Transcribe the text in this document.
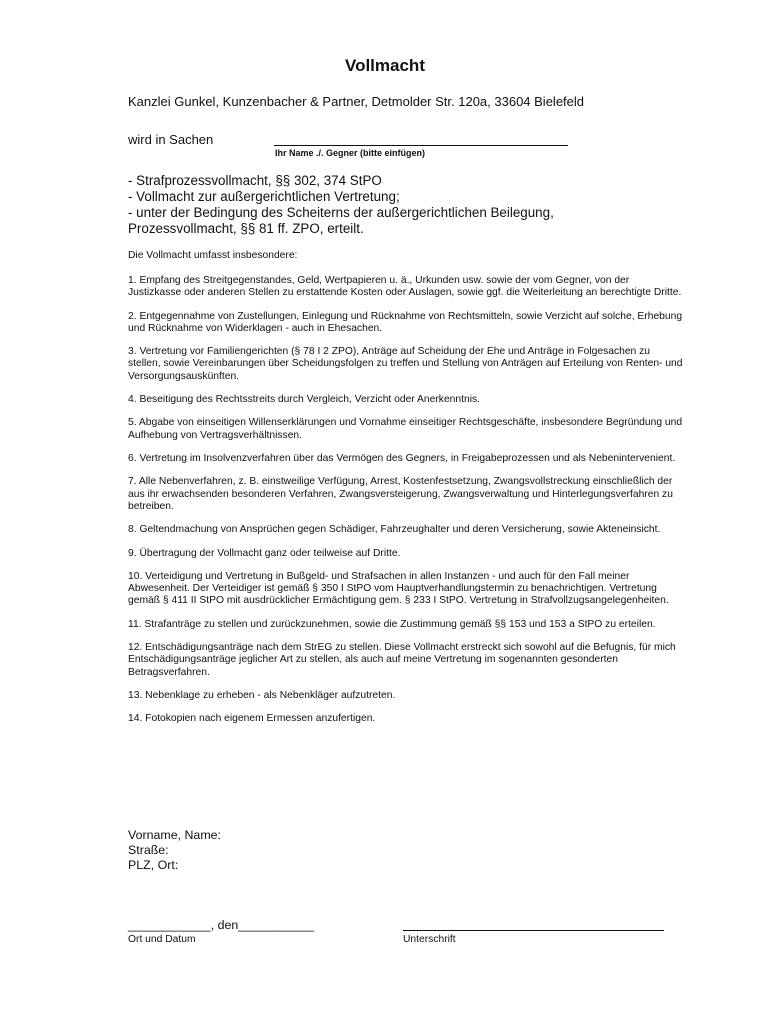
Vollmacht
Kanzlei Gunkel, Kunzenbacher & Partner, Detmolder Str. 120a, 33604 Bielefeld
wird in Sachen
Ihr Name ./. Gegner (bitte einfügen)
- Strafprozessvollmacht, §§ 302, 374 StPO
- Vollmacht zur außergerichtlichen Vertretung;
- unter der Bedingung des Scheiterns der außergerichtlichen Beilegung,
Prozessvollmacht, §§ 81 ff. ZPO, erteilt.
Die Vollmacht umfasst insbesondere:
1. Empfang des Streitgegenstandes, Geld, Wertpapieren u. ä., Urkunden usw. sowie der vom Gegner, von der Justizkasse oder anderen Stellen zu erstattende Kosten oder Auslagen, sowie ggf. die Weiterleitung an berechtigte Dritte.
2. Entgegennahme von Zustellungen, Einlegung und Rücknahme von Rechtsmitteln, sowie Verzicht auf solche, Erhebung und Rücknahme von Widerklagen - auch in Ehesachen.
3. Vertretung vor Familiengerichten (§ 78 I 2 ZPO), Anträge auf Scheidung der Ehe und Anträge in Folgesachen zu stellen, sowie Vereinbarungen über Scheidungsfolgen zu treffen und Stellung von Anträgen auf Erteilung von Renten- und Versorgungsauskünften.
4. Beseitigung des Rechtsstreits durch Vergleich, Verzicht oder Anerkenntnis.
5. Abgabe von einseitigen Willenserklärungen und Vornahme einseitiger Rechtsgeschäfte, insbesondere Begründung und Aufhebung von Vertragsverhältnissen.
6. Vertretung im Insolvenzverfahren über das Vermögen des Gegners, in Freigabeprozessen und als Nebenintervenient.
7. Alle Nebenverfahren, z. B. einstweilige Verfügung, Arrest, Kostenfestsetzung, Zwangsvollstreckung einschließlich der aus ihr erwachsenden besonderen Verfahren, Zwangsversteigerung, Zwangsverwaltung und Hinterlegungsverfahren zu betreiben.
8. Geltendmachung von Ansprüchen gegen Schädiger, Fahrzeughalter und deren Versicherung, sowie Akteneinsicht.
9. Übertragung der Vollmacht ganz oder teilweise auf Dritte.
10. Verteidigung und Vertretung in Bußgeld- und Strafsachen in allen Instanzen - und auch für den Fall meiner Abwesenheit. Der Verteidiger ist gemäß § 350 I StPO vom Hauptverhandlungstermin zu benachrichtigen. Vertretung gemäß § 411 II StPO mit ausdrücklicher Ermächtigung gem. § 233 I StPO. Vertretung in Strafvollzugsangelegenheiten.
11. Strafanträge zu stellen und zurückzunehmen, sowie die Zustimmung gemäß §§ 153 und 153 a StPO zu erteilen.
12. Entschädigungsanträge nach dem StrEG zu stellen. Diese Vollmacht erstreckt sich sowohl auf die Befugnis, für mich Entschädigungsanträge jeglicher Art zu stellen, als auch auf meine Vertretung im sogenannten gesonderten Betragsverfahren.
13. Nebenklage zu erheben - als Nebenkläger aufzutreten.
14. Fotokopien nach eigenem Ermessen anzufertigen.
Vorname, Name:
Straße:
PLZ, Ort:
____________, den___________
Ort und Datum	Unterschrift
